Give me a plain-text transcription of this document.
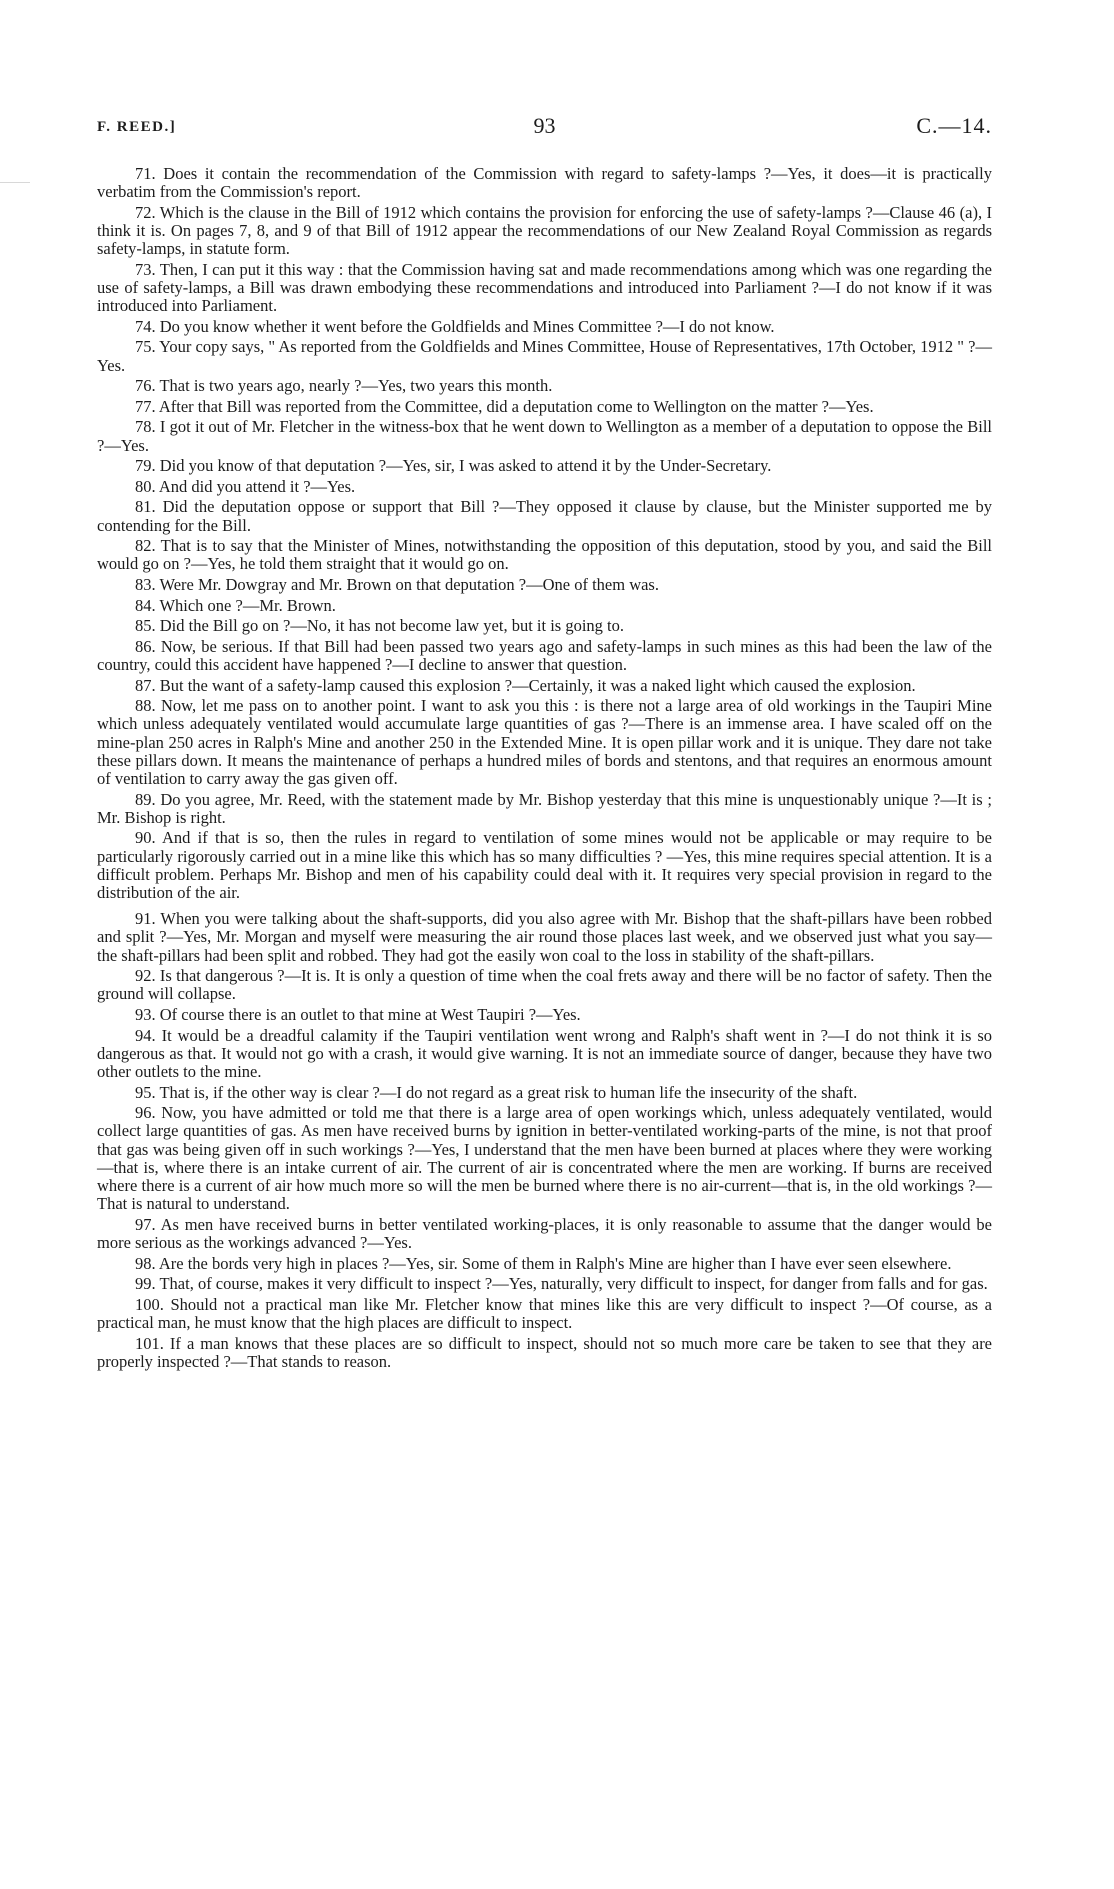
F. REED.]	93	C.—14.

71. Does it contain the recommendation of the Commission with regard to safety-lamps ?—Yes, it does—it is practically verbatim from the Commission's report.

72. Which is the clause in the Bill of 1912 which contains the provision for enforcing the use of safety-lamps ?—Clause 46 (a), I think it is. On pages 7, 8, and 9 of that Bill of 1912 appear the recommendations of our New Zealand Royal Commission as regards safety-lamps, in statute form.

73. Then, I can put it this way : that the Commission having sat and made recommendations among which was one regarding the use of safety-lamps, a Bill was drawn embodying these recommendations and introduced into Parliament ?—I do not know if it was introduced into Parliament.

74. Do you know whether it went before the Goldfields and Mines Committee ?—I do not know.

75. Your copy says, " As reported from the Goldfields and Mines Committee, House of Representatives, 17th October, 1912 " ?—Yes.

76. That is two years ago, nearly ?—Yes, two years this month.

77. After that Bill was reported from the Committee, did a deputation come to Wellington on the matter ?—Yes.

78. I got it out of Mr. Fletcher in the witness-box that he went down to Wellington as a member of a deputation to oppose the Bill ?—Yes.

79. Did you know of that deputation ?—Yes, sir, I was asked to attend it by the Under-Secretary.

80. And did you attend it ?—Yes.

81. Did the deputation oppose or support that Bill ?—They opposed it clause by clause, but the Minister supported me by contending for the Bill.

82. That is to say that the Minister of Mines, notwithstanding the opposition of this deputation, stood by you, and said the Bill would go on ?—Yes, he told them straight that it would go on.

83. Were Mr. Dowgray and Mr. Brown on that deputation ?—One of them was.

84. Which one ?—Mr. Brown.

85. Did the Bill go on ?—No, it has not become law yet, but it is going to.

86. Now, be serious. If that Bill had been passed two years ago and safety-lamps in such mines as this had been the law of the country, could this accident have happened ?—I decline to answer that question.

87. But the want of a safety-lamp caused this explosion ?—Certainly, it was a naked light which caused the explosion.

88. Now, let me pass on to another point. I want to ask you this : is there not a large area of old workings in the Taupiri Mine which unless adequately ventilated would accumulate large quantities of gas ?—There is an immense area. I have scaled off on the mine-plan 250 acres in Ralph's Mine and another 250 in the Extended Mine. It is open pillar work and it is unique. They dare not take these pillars down. It means the maintenance of perhaps a hundred miles of bords and stentons, and that requires an enormous amount of ventilation to carry away the gas given off.

89. Do you agree, Mr. Reed, with the statement made by Mr. Bishop yesterday that this mine is unquestionably unique ?—It is ; Mr. Bishop is right.

90. And if that is so, then the rules in regard to ventilation of some mines would not be applicable or may require to be particularly rigorously carried out in a mine like this which has so many difficulties ? —Yes, this mine requires special attention. It is a difficult problem. Perhaps Mr. Bishop and men of his capability could deal with it. It requires very special provision in regard to the distribution of the air.

91. When you were talking about the shaft-supports, did you also agree with Mr. Bishop that the shaft-pillars have been robbed and split ?—Yes, Mr. Morgan and myself were measuring the air round those places last week, and we observed just what you say—the shaft-pillars had been split and robbed. They had got the easily won coal to the loss in stability of the shaft-pillars.

92. Is that dangerous ?—It is. It is only a question of time when the coal frets away and there will be no factor of safety. Then the ground will collapse.

93. Of course there is an outlet to that mine at West Taupiri ?—Yes.

94. It would be a dreadful calamity if the Taupiri ventilation went wrong and Ralph's shaft went in ?—I do not think it is so dangerous as that. It would not go with a crash, it would give warning. It is not an immediate source of danger, because they have two other outlets to the mine.

95. That is, if the other way is clear ?—I do not regard as a great risk to human life the insecurity of the shaft.

96. Now, you have admitted or told me that there is a large area of open workings which, unless adequately ventilated, would collect large quantities of gas. As men have received burns by ignition in better-ventilated working-parts of the mine, is not that proof that gas was being given off in such workings ?—Yes, I understand that the men have been burned at places where they were working—that is, where there is an intake current of air. The current of air is concentrated where the men are working. If burns are received where there is a current of air how much more so will the men be burned where there is no air-current—that is, in the old workings ?—That is natural to understand.

97. As men have received burns in better ventilated working-places, it is only reasonable to assume that the danger would be more serious as the workings advanced ?—Yes.

98. Are the bords very high in places ?—Yes, sir. Some of them in Ralph's Mine are higher than I have ever seen elsewhere.

99. That, of course, makes it very difficult to inspect ?—Yes, naturally, very difficult to inspect, for danger from falls and for gas.

100. Should not a practical man like Mr. Fletcher know that mines like this are very difficult to inspect ?—Of course, as a practical man, he must know that the high places are difficult to inspect.

101. If a man knows that these places are so difficult to inspect, should not so much more care be taken to see that they are properly inspected ?—That stands to reason.
